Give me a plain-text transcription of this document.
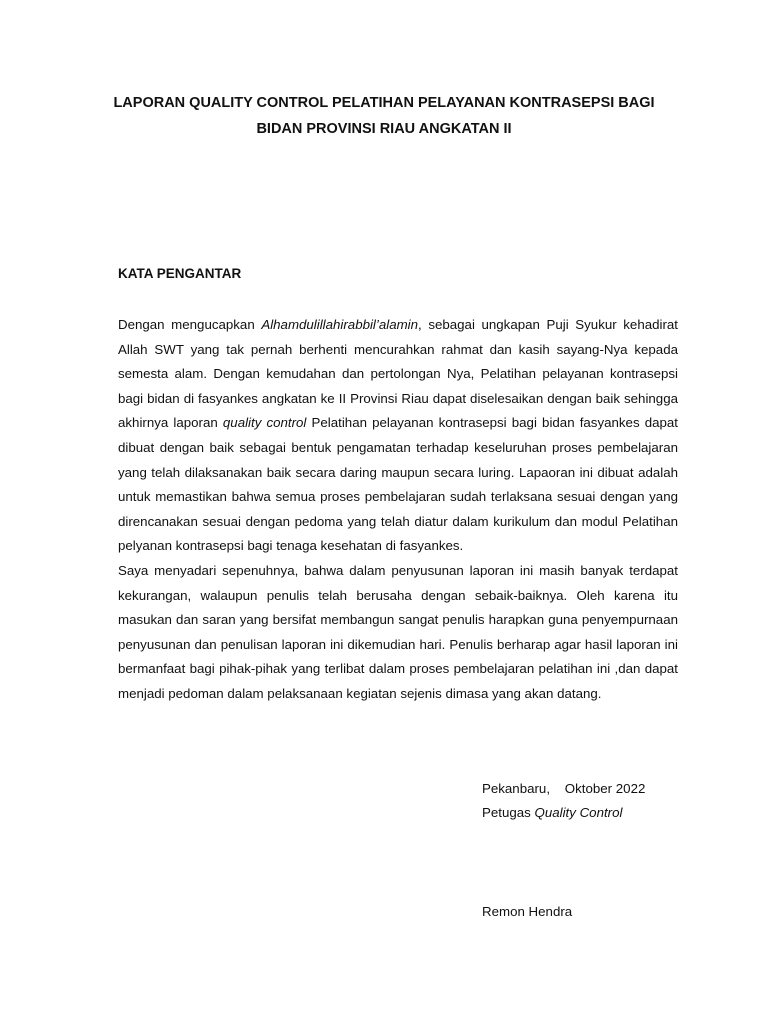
LAPORAN QUALITY CONTROL PELATIHAN PELAYANAN KONTRASEPSI BAGI
BIDAN PROVINSI RIAU ANGKATAN II
KATA PENGANTAR

Dengan mengucapkan Alhamdulillahirabbil’alamin, sebagai ungkapan Puji Syukur kehadirat Allah SWT yang tak pernah berhenti mencurahkan rahmat dan kasih sayang-Nya kepada semesta alam. Dengan kemudahan dan pertolongan Nya, Pelatihan pelayanan kontrasepsi bagi bidan di fasyankes angkatan ke II Provinsi Riau dapat diselesaikan dengan baik sehingga akhirnya laporan quality control Pelatihan pelayanan kontrasepsi bagi bidan fasyankes dapat dibuat dengan baik sebagai bentuk pengamatan terhadap keseluruhan proses pembelajaran yang telah dilaksanakan baik secara daring maupun secara luring. Lapaoran ini dibuat adalah untuk memastikan bahwa semua proses pembelajaran sudah terlaksana sesuai dengan yang direncanakan sesuai dengan pedoma yang telah diatur dalam kurikulum dan modul Pelatihan pelyanan kontrasepsi bagi tenaga kesehatan di fasyankes.

Saya menyadari sepenuhnya, bahwa dalam penyusunan laporan ini masih banyak terdapat kekurangan, walaupun penulis telah berusaha dengan sebaik-baiknya. Oleh karena itu masukan dan saran yang bersifat membangun sangat penulis harapkan guna penyempurnaan penyusunan dan penulisan laporan ini dikemudian hari. Penulis berharap agar hasil laporan ini bermanfaat bagi pihak-pihak yang terlibat dalam proses pembelajaran pelatihan ini ,dan dapat menjadi pedoman dalam pelaksanaan kegiatan sejenis dimasa yang akan datang.

Pekanbaru,    Oktober 2022
Petugas Quality Control
Remon Hendra
